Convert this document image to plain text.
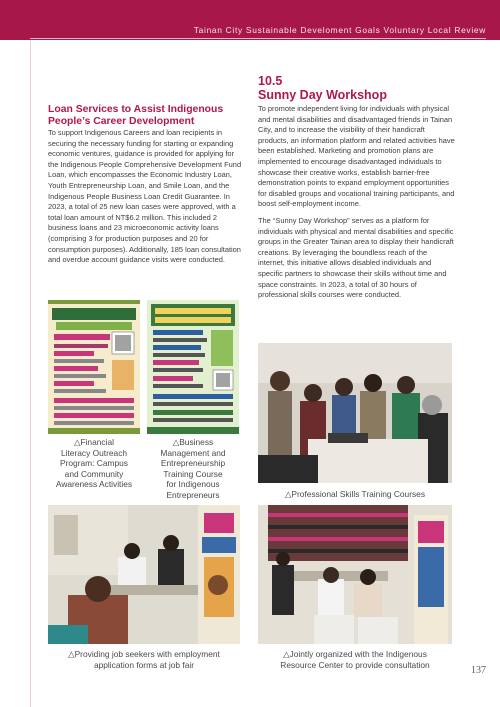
Tainan City Sustainable Develoment Goals Voluntary Local Review

Loan Services to Assist Indigenous

People’s Career Development

To support Indigenous Careers and loan recipients in securing the necessary funding for starting or expanding economic ventures, guidance is provided for applying for the Indigenous People Comprehensive Development Fund Loan, which encompasses the Economic Industry Loan, Youth Entrepreneurship Loan, and Smile Loan, and the Indigenous People Business Loan Credit Guarantee. In 2023, a total of 25 new loan cases were approved, with a total loan amount of NT$6.2 million. This included 2 business loans and 23 microeconomic activity loans (comprising 3 for production purposes and 20 for consumption purposes). Additionally, 185 loan consultation and overdue account guidance visits were conducted.

10.5

Sunny Day Workshop

To promote independent living for individuals with physical and mental disabilities and disadvantaged friends in Tainan City, and to increase the visibility of their handicraft products, an information platform and related activities have been established. Marketing and promotion plans are implemented to encourage disadvantaged individuals to showcase their creative works, establish barrier-free demonstration points to expand employment opportunities for disabled groups and vocational training participants, and boost self-employment income.

The “Sunny Day Workshop” serves as a platform for individuals with physical and mental disabilities and specific groups in the Greater Tainan area to display their handicraft creations. By leveraging the boundless reach of the internet, this initiative allows disabled individuals and specific partners to showcase their skills without time and space constraints. In 2023, a total of 30 hours of professional skills courses were conducted.

△Financial
Literacy Outreach
Program: Campus
and Community
Awareness Activities
△Business
Management and
Entrepreneurship
Training Course
for Indigenous
Entrepreneurs	△Professional Skills Training Courses
△Providing job seekers with employment
application forms at job fair
△Jointly organized with the Indigenous
Resource Center to provide consultation
137
